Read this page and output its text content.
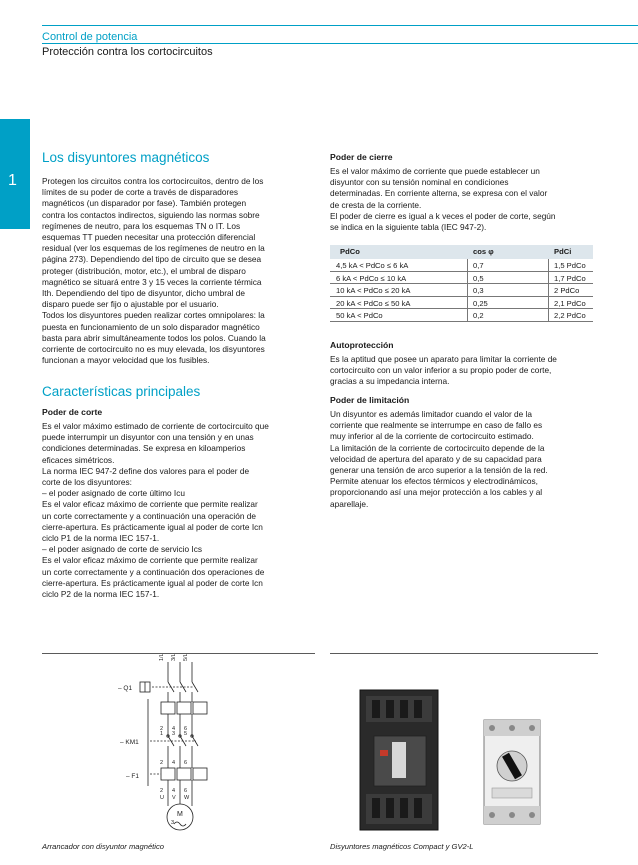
Control de potencia
Protección contra los cortocircuitos
1
Los disyuntores magnéticos
Protegen los circuitos contra los cortocircuitos, dentro de los
límites de su poder de corte a través de disparadores
magnéticos (un disparador por fase). También protegen
contra los contactos indirectos, siguiendo las normas sobre
regímenes de neutro, para los esquemas TN o IT. Los
esquemas TT pueden necesitar una protección diferencial
residual (ver los esquemas de los regímenes de neutro en la
página 273). Dependiendo del tipo de circuito que se desea
proteger (distribución, motor, etc.), el umbral de disparo
magnético se situará entre 3 y 15 veces la corriente térmica
Ith. Dependiendo del tipo de disyuntor, dicho umbral de
disparo puede ser fijo o ajustable por el usuario.
Todos los disyuntores pueden realizar cortes omnipolares: la
puesta en funcionamiento de un solo disparador magnético
basta para abrir simultáneamente todos los polos. Cuando la
corriente de cortocircuito no es muy elevada, los disyuntores
funcionan a mayor velocidad que los fusibles.
Características principales
Poder de corte
Es el valor máximo estimado de corriente de cortocircuito que
puede interrumpir un disyuntor con una tensión y en unas
condiciones determinadas. Se expresa en kiloamperios
eficaces simétricos.
La norma IEC 947-2 define dos valores para el poder de
corte de los disyuntores:
– el poder asignado de corte último Icu
Es el valor eficaz máximo de corriente que permite realizar
un corte correctamente y a continuación una operación de
cierre-apertura. Es prácticamente igual al poder de corte Icn
ciclo P1 de la norma IEC 157-1.
– el poder asignado de corte de servicio Ics
Es el valor eficaz máximo de corriente que permite realizar
un corte correctamente y a continuación dos operaciones de
cierre-apertura. Es prácticamente igual al poder de corte Icn
ciclo P2 de la norma IEC 157-1.
Poder de cierre
Es el valor máximo de corriente que puede establecer un
disyuntor con su tensión nominal en condiciones
determinadas. En corriente alterna, se expresa con el valor
de cresta de la corriente.
El poder de cierre es igual a k veces el poder de corte, según
se indica en la siguiente tabla (IEC 947-2).
PdCo	cos φ	PdCi
4,5 kA < PdCo ≤ 6 kA	0,7	1,5 PdCo
6 kA < PdCo ≤ 10 kA	0,5	1,7 PdCo
10 kA < PdCo ≤ 20 kA	0,3	2 PdCo
20 kA < PdCo ≤ 50 kA	0,25	2,1 PdCo
50 kA < PdCo	0,2	2,2 PdCo
Autoprotección
Es la aptitud que posee un aparato para limitar la corriente de
cortocircuito con un valor inferior a su propio poder de corte,
gracias a su impedancia interna.
Poder de limitación
Un disyuntor es además limitador cuando el valor de la
corriente que realmente se interrumpe en caso de fallo es
muy inferior al de la corriente de cortocircuito estimado.
La limitación de la corriente de cortocircuito depende de la
velocidad de apertura del aparato y de su capacidad para
generar una tensión de arco superior a la tensión de la red.
Permite atenuar los efectos térmicos y electrodinámicos,
proporcionando así una mejor protección a los cables y al
aparellaje.
1/L1 3/L2 5/L3
– Q1
– KM1
– F1
2 4 6
1 3 5
2 4 6
2 4 6
U V W
M
3
Arrancador con disyuntor magnético	Disyuntores magnéticos Compact y GV2-L
